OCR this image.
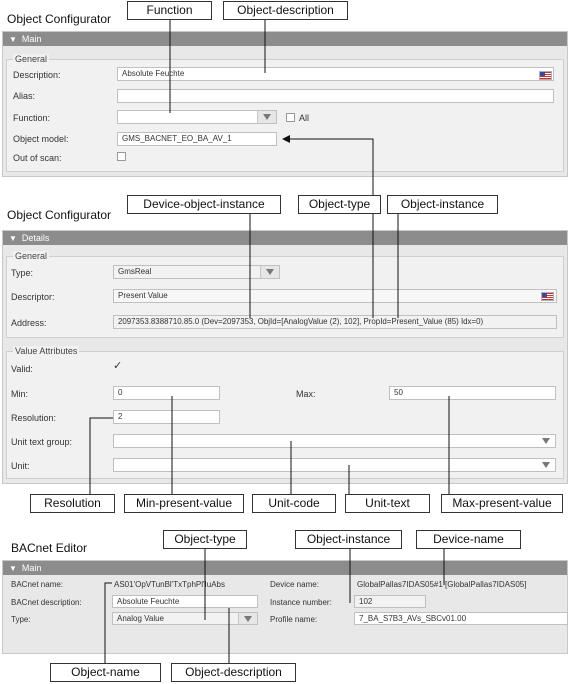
Object Configurator
Function	Object-description
▼ Main
General
Description:	Absolute Feuchte
Alias:
Function:	All
Object model:	GMS_BACNET_EO_BA_AV_1
Out of scan:
Device-object-instance	Object-type	Object-instance
Object Configurator
▼ Details
General
Value Attributes
Type:	GmsReal
Descriptor:	Present Value
Address:	2097353.8388710.85.0 (Dev=2097353, ObjId=[AnalogValue (2), 102], PropId=Present_Value (85) Idx=0)
Valid:	✓
Min:	0	Max:	50
Resolution:	2
Unit text group:
Unit:
Resolution	Min-present-value	Unit-code	Unit-text	Max-present-value
Object-type	Object-instance	Device-name
BACnet Editor
▼ Main
BACnet name:	AS01'OpVTunBl'TxTphPl'IuAbs
BACnet description:	Absolute Feuchte
Type:	Analog Value
Device name:	GlobalPallas7IDAS05#1 [GlobalPallas7IDAS05]
Instance number:	102
Profile name:	7_BA_S7B3_AVs_SBCv01.00
Object-name	Object-description
